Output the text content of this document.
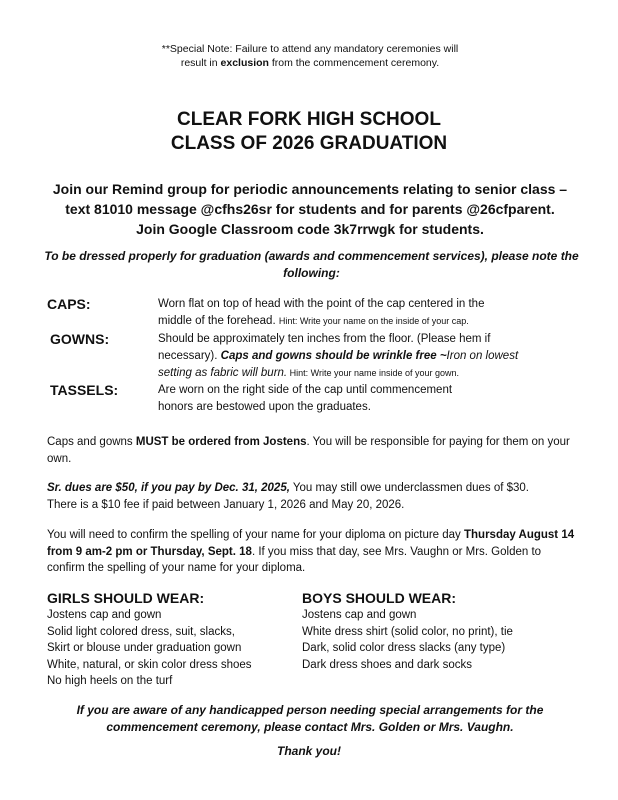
**Special Note: Failure to attend any mandatory ceremonies will result in exclusion from the commencement ceremony.
CLEAR FORK HIGH SCHOOL
CLASS OF 2026 GRADUATION
Join our Remind group for periodic announcements relating to senior class –
text 81010 message @cfhs26sr for students and for parents @26cfparent.
Join Google Classroom code 3k7rrwgk for students.
To be dressed properly for graduation (awards and commencement services), please note the following:
CAPS:	Worn flat on top of head with the point of the cap centered in the
middle of the forehead. Hint: Write your name on the inside of your cap.
GOWNS:	Should be approximately ten inches from the floor. (Please hem if
necessary). Caps and gowns should be wrinkle free ~Iron on lowest
setting as fabric will burn. Hint: Write your name inside of your gown.
TASSELS:	Are worn on the right side of the cap until commencement
honors are bestowed upon the graduates.
Caps and gowns MUST be ordered from Jostens. You will be responsible for paying for them on your own.
Sr. dues are $50, if you pay by Dec. 31, 2025, You may still owe underclassmen dues of $30.
There is a $10 fee if paid between January 1, 2026 and May 20, 2026.
You will need to confirm the spelling of your name for your diploma on picture day Thursday August 14 from 9 am-2 pm or Thursday, Sept. 18. If you miss that day, see Mrs. Vaughn or Mrs. Golden to confirm the spelling of your name for your diploma.
GIRLS SHOULD WEAR:
Jostens cap and gown
Solid light colored dress, suit, slacks,
Skirt or blouse under graduation gown
White, natural, or skin color dress shoes
No high heels on the turf
BOYS SHOULD WEAR:
Jostens cap and gown
White dress shirt (solid color, no print), tie
Dark, solid color dress slacks (any type)
Dark dress shoes and dark socks
If you are aware of any handicapped person needing special arrangements for the commencement ceremony, please contact Mrs. Golden or Mrs. Vaughn.
Thank you!
